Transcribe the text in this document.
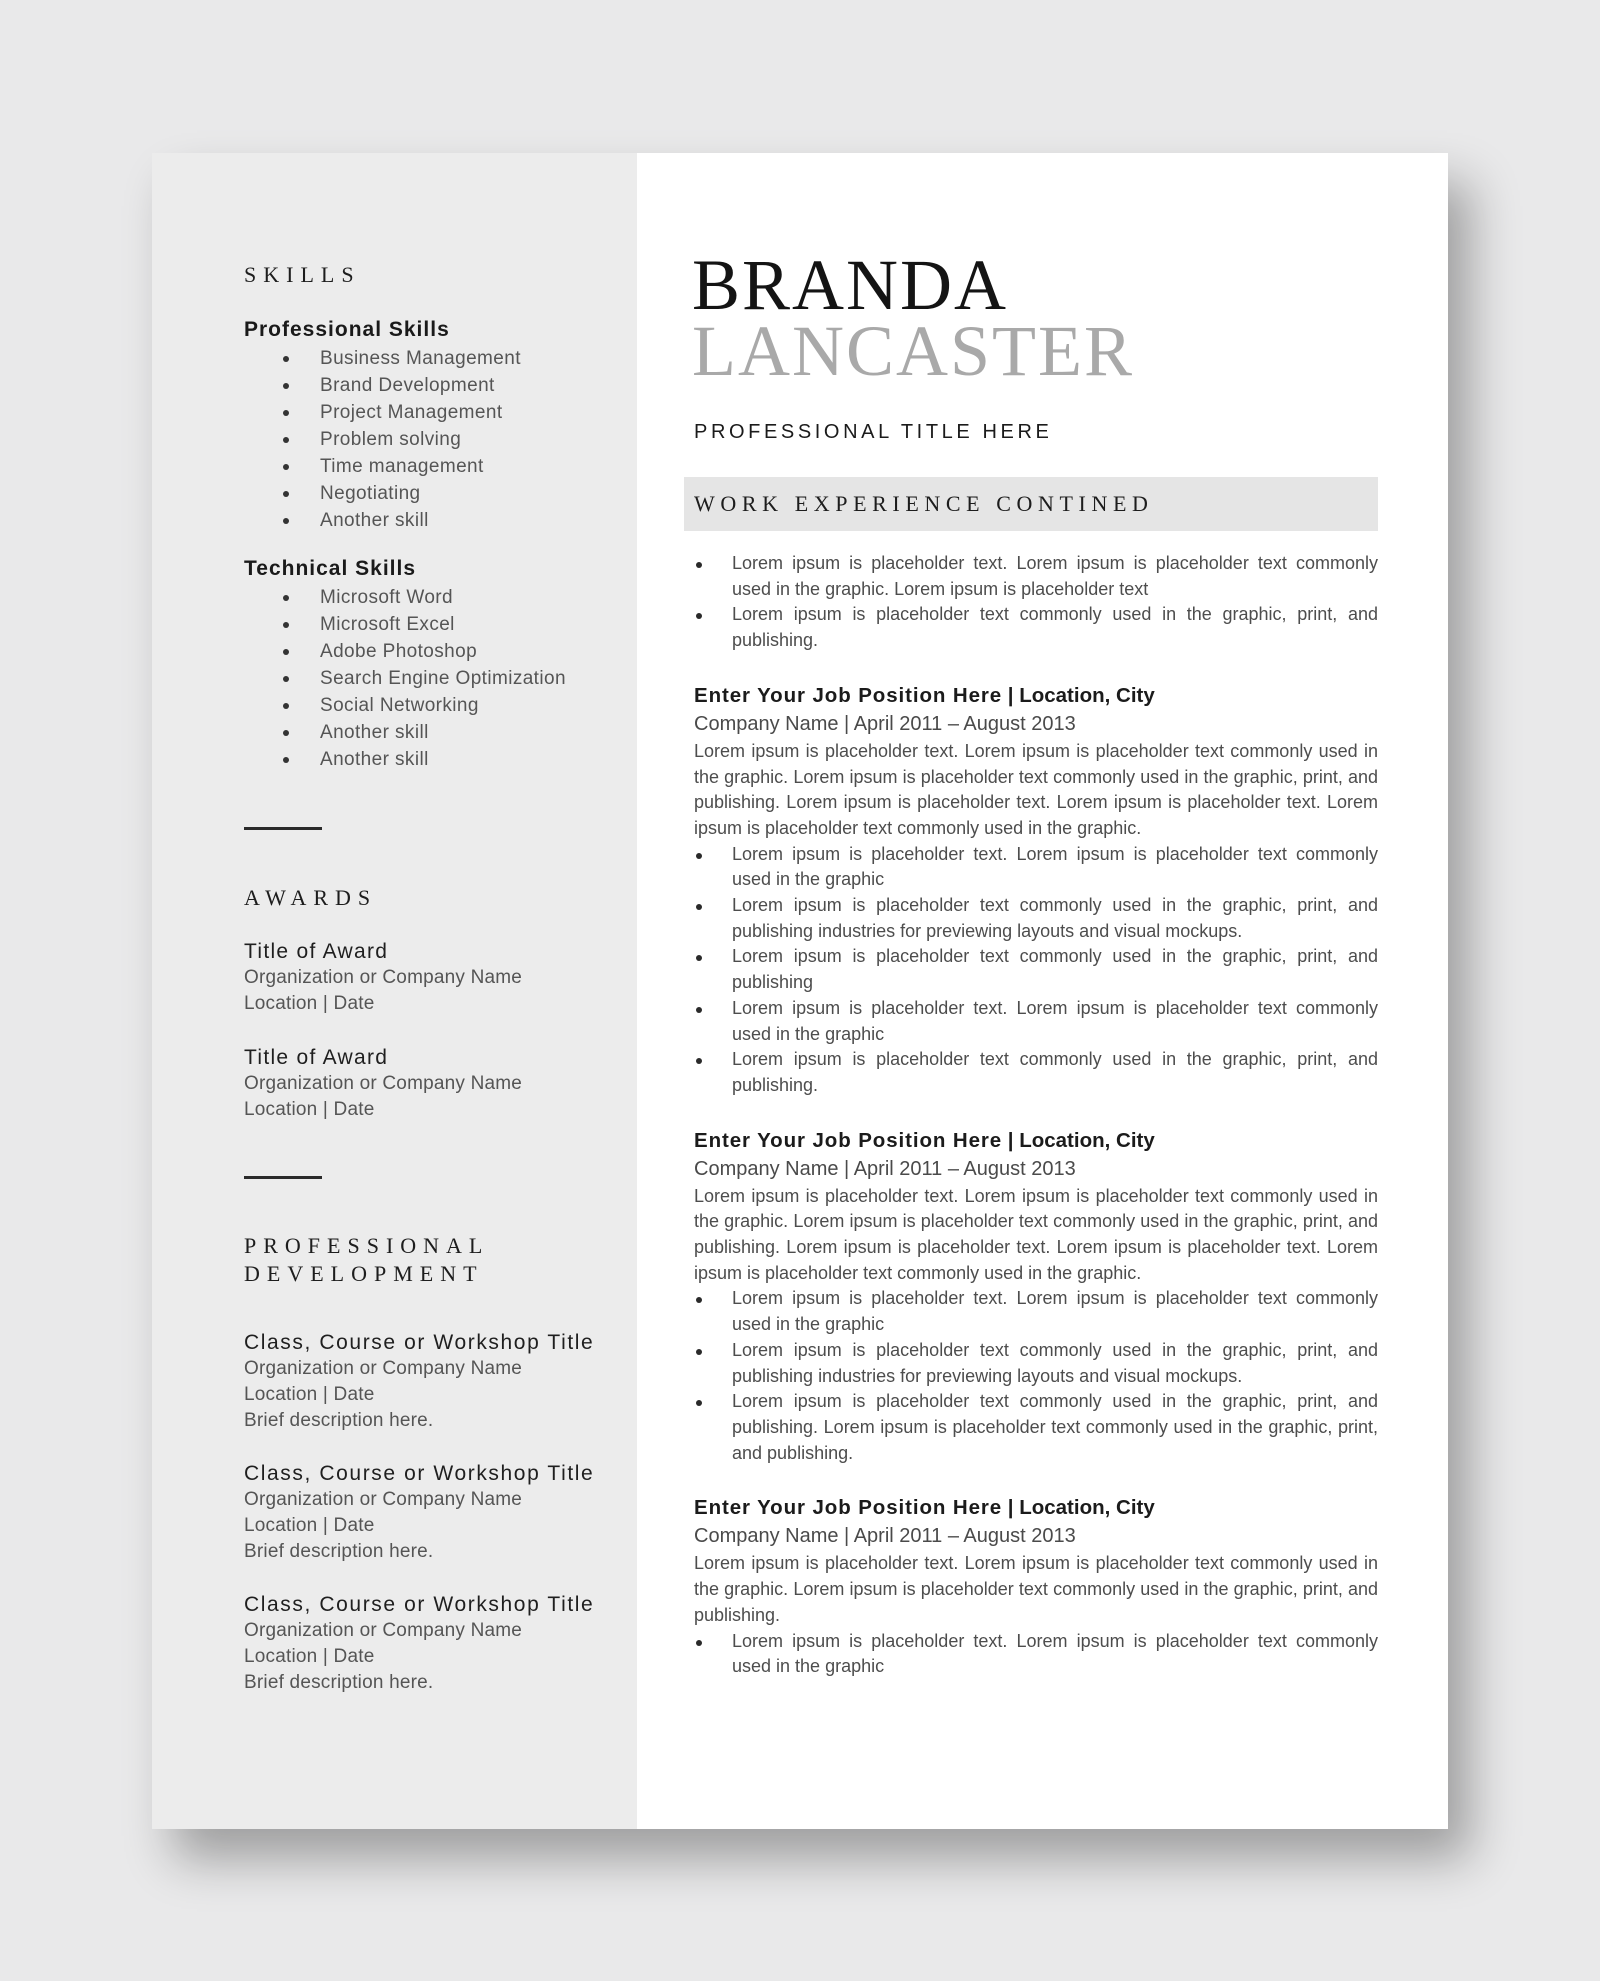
SKILLS

Professional Skills

Business Management
Brand Development
Project Management
Problem solving
Time management
Negotiating
Another skill

Technical Skills

Microsoft Word
Microsoft Excel
Adobe Photoshop
Search Engine Optimization
Social Networking
Another skill
Another skill

AWARDS

Title of Award

Organization or Company Name

Location | Date

Title of Award

Organization or Company Name

Location | Date

PROFESSIONAL

DEVELOPMENT

Class, Course or Workshop Title

Organization or Company Name

Location | Date

Brief description here.

Class, Course or Workshop Title

Organization or Company Name

Location | Date

Brief description here.

Class, Course or Workshop Title

Organization or Company Name

Location | Date

Brief description here.

BRANDA

LANCASTER

PROFESSIONAL TITLE HERE

WORK EXPERIENCE CONTINED
Lorem ipsum is placeholder text. Lorem ipsum is placeholder text commonly used in the graphic. Lorem ipsum is placeholder text
Lorem ipsum is placeholder text commonly used in the graphic, print, and publishing.

Enter Your Job Position Here | Location, City

Company Name | April 2011 – August 2013

Lorem ipsum is placeholder text. Lorem ipsum is placeholder text commonly used in the graphic. Lorem ipsum is placeholder text commonly used in the graphic, print, and publishing. Lorem ipsum is placeholder text. Lorem ipsum is placeholder text. Lorem ipsum is placeholder text commonly used in the graphic.

Lorem ipsum is placeholder text. Lorem ipsum is placeholder text commonly used in the graphic
Lorem ipsum is placeholder text commonly used in the graphic, print, and publishing industries for previewing layouts and visual mockups.
Lorem ipsum is placeholder text commonly used in the graphic, print, and publishing
Lorem ipsum is placeholder text. Lorem ipsum is placeholder text commonly used in the graphic
Lorem ipsum is placeholder text commonly used in the graphic, print, and publishing.

Enter Your Job Position Here | Location, City

Company Name | April 2011 – August 2013

Lorem ipsum is placeholder text. Lorem ipsum is placeholder text commonly used in the graphic. Lorem ipsum is placeholder text commonly used in the graphic, print, and publishing. Lorem ipsum is placeholder text. Lorem ipsum is placeholder text. Lorem ipsum is placeholder text commonly used in the graphic.

Lorem ipsum is placeholder text. Lorem ipsum is placeholder text commonly used in the graphic
Lorem ipsum is placeholder text commonly used in the graphic, print, and publishing industries for previewing layouts and visual mockups.
Lorem ipsum is placeholder text commonly used in the graphic, print, and publishing. Lorem ipsum is placeholder text commonly used in the graphic, print, and publishing.

Enter Your Job Position Here | Location, City

Company Name | April 2011 – August 2013

Lorem ipsum is placeholder text. Lorem ipsum is placeholder text commonly used in the graphic. Lorem ipsum is placeholder text commonly used in the graphic, print, and publishing.

Lorem ipsum is placeholder text. Lorem ipsum is placeholder text commonly used in the graphic
